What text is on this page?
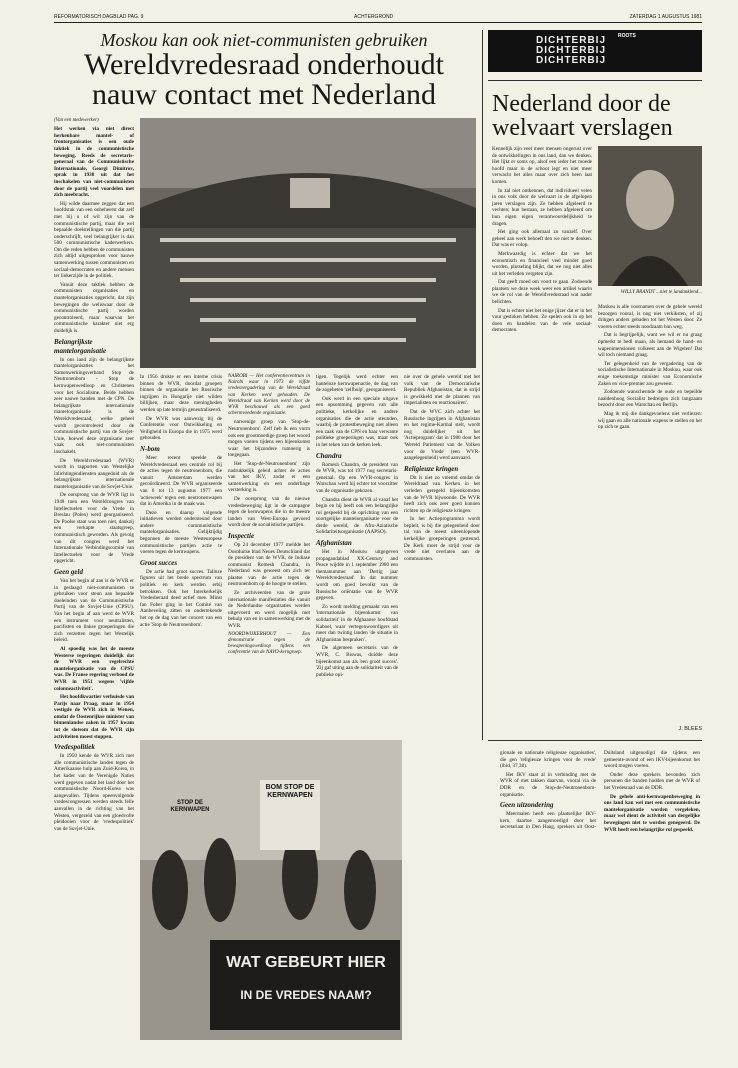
REFORMATORISCH DAGBLAD PAG. 9	ACHTERGROND	ZATERDAG 1 AUGUSTUS 1981
Moskou kan ook niet-communisten gebruiken
Wereldvredesraad onderhoudt nauw contact met Nederland

(Van een medewerker)

Het werken via niet direct herkenbare mantel- of frontorganisaties is een oude taktiek in de communistische beweging. Reeds de secretaris-generaal van de Communistische Internationale, Georgi Dimitrov, sprak in 1938 uit dat het inschakelen van niet-communisten door de partij veel voordelen met zich meebracht.

Hij wilde daarmee zeggen dat een hoofdstuk van een onbeheerst dat zelf met bij u of wil zijn van de communistische partij, maar die wel bepaalde doelstellingen van die partij onderschrijft, veel belangrijker is dan 500 communistische kaderwerkers. Om die reden hebben de communisten zich altijd uitgesproken voor nauwe samenwerking tussen communisten en sociaal-democraten en andere mensen ter linkerzijde in de politiek.

Vanuit deze taktiek hebben de communisten organisaties en mantelorganisaties opgericht, dat zijn bewegingen die weliswaar door de communistische partij worden gecontroleerd, maar waarvan het communistische karakter niet erg duidelijk is.

Belangrijkste mantelorganisatie

In ons land zijn de belangrijkste mantelorganisaties het Samenwerkingsverband Stop de Neutronenbom - Stop de kernwapenwedloop en Christenen voor het Socialisme. Beide hebben zeer nauwe banden met de CPN. De belangrijkste internationale mantelorganisatie is de Wereldvredesraad, welke geheel wordt gecontroleerd door de communistische partij van de Sovjet-Unie, hoewel deze organisatie zeer vaak ook niet-communisten inschakelt.

De Wereldvredesraad (WVR) wordt in rapporten van Westelijke inlichtingendiensten aangeduid als de belangrijkste internationale mantelorganisatie van de Sovjet-Unie.

De oorsprong van de WVR ligt in 1948 toen een Wereldcongres van Intellectuelen voor de Vrede in Breslau (Polen) werd georganiseerd. De Poolse staat was toen niet, dankzij een verkapte staatsgreep, communistisch geworden. Als gevolg van dit congres werd het Internationale Verbindingscomité van Intellectuelen voor de Vrede opgericht.

Geen geld

Van het begin af aan is de WVR er in geslaagd niet-communisten te gebruiken voor steun aan bepaalde doeleinden van de Communistische Partij van de Sovjet-Unie (CPSU). Van het begin af aan werd de WVR een instrument voor neutralisten, pacifisten en linkse groeperingen die zich verzetten tegen het Westelijk beleid.

Al spoedig was het de meeste Westerse regeringen duidelijk dat de WVR een regelrechte mantelorganisatie van de CPSU was. De Franse regering verbood de WVR in 1951 wegens 'vijfde colonneactiviteit'.

Het hoofdkwartier verhuisde van Parijs naar Praag, maar in 1954 vestigde de WVR zich in Wenen, omdat de Oostenrijkse minister van binnenlandse zaken in 1957 kwam tot de slotsom dat de WVR zijn activiteiten moest stoppen.

Vredespolitiek

In 1950 kende de WVR zich met alle communistische landen tegen de Amerikaanse hulp aan Zuid-Korea, in het kader van de Verenigde Naties werd gegeven nadat het land door het communistische Noord-Korea was aangevallen. Tijdens opeenvolgende vredescongressen werden steeds felle aanvallen in de richting van het Westen, vergezeld van een gloedvolle pleidooien voor de 'vredespolitiek' van de Sovjet-Unie.

In 1956 drukte er een interne crisis binnen de WVR, doordat groepen binnen de organisatie het Russische ingrijpen in Hongarije niet wilden billijken, maar deze meningheden werden op late termijn geneutraliseerd.

De WVR was aanwezig bij de Conferentie voor Ontwikkeling en Veiligheid in Europa die in 1975 werd gehouden.

N-bom

Meer recent speelde de Wereldvredesraad een centrale rol bij de acties tegen de neutronenbom, die vanuit Amsterdam werden gecoördineerd. De WVR organiseerde van 6 tot 13 augustus 1977 een 'actieweek' tegen een neutronenwapen dat in Amerika in de maak was.

Deze en daarop volgende initiatieven werden ondersteund door andere communistische mantelorganisaties. Gelijktijdig begonnen de meeste Westeuropese communistische partijen actie te voeren tegen de kernwapens.

Groot succes

De actie had groot succes. Talloze figuren uit het brede spectrum van politiek en kerk werden erbij betrokken. Ook het Interkerkelijk Vredesberaad deed actief mee. Minst fan Fober ging in het Comité van Aanbeveling zitten en ondertekende het op de dag van het concert van een actie 'Stop de Neutronenbom'.

NAIROBI — Het conferentiecentrum in Nairobi waar in 1973 de vijfde vredesvergadering van de Wereldraad van Kerken werd gehouden. De Wereldraad van Kerken werd door de WVR beschouwd als een goed schermvoedende organisatie.

narwenige groep van 'Stop-de-Neutronenbom'. Zelf heb ik een vorm ook een grootmoedige groep het woord mogen voeren tijdens een bijeenkomst waar het bijzondere rumoerig is toegegaan.

Het 'Stop-de-Neutronenbom' zijn nadrukkelijk geleid achter de acties van het IKV, zodat er een samenwerking en een onderlinge versterking is.

De oorsprong van de nieuwe vredesbeweging ligt in de campagne tegen de kernwapens die in de meeste landen van West-Europa gevoerd wordt door de socialistische partijen.

Inspectie

Op 24 december 1977 meldde het Oostduitse blad Neues Deutschland dat de president van de WVR, de Indiase communist Romesh Chandra, in Nederland was geweest om zich ter plaatse van de actie tegen de neutronenbom op de hoogte te stellen.

Ze archiveerden van de grote internationale manifestaties die vanuit de Nederlandse organisaties werden uitgevoerd en werd mogelijk met behulp van en in samenwerking met de WVR.

NOORDWIJKERHOUT — Een demonstratie tegen de bewapeningswedloop tijdens een conferentie van de NAVO-kerngroep.

tigen. Tegelijk werd echter een hanteloze kernwapenactie, de dag van de zogeheten 'zelfhulp', georganiseerd.

Ook werd in een speciale uitgave een opsomming gegeven van alle politieke, kerkelijke en andere organisaties die de actie steunden, waarbij de protestbeweging niet alleen een zaak van de CPN en haar verwante politieke groeperingen was, maar ook in het teken van de kerken leek.

Chandra

Romesh Chandra, de president van de WVR, was tot 1977 nog secretaris-generaal. Op een WVR-congres in Warschau werd hij echter tot voorzitter van de organisatie gekozen.

Chandra dient de WVR al vanaf het begin en hij heeft ook een belangrijke rol gespeeld bij de oprichting van een soortgelijke mantelorganisatie voor de derde wereld, de Afro-Aziatische Solidariteitsorganisatie (AAPSO).

Afghanistan

Het in Moskou uitgegeven propagandablad XX-Century and Peace wijdde in 1 september 1980 een themanummer aan 'Dertig jaar Wereldvredesraad'. In dat nummer wordt om goed bevolkt van de Russische oriëntatie van de WVR gegeven.

Zo wordt melding gemaakt van een 'internationale bijeenkomst van solidariteit' in de Afghaanse hoofdstad Kaboel, waar vertegenwoordigers uit meer dan twintig landen 'de situatie in Afghanistan bespraken'.

De algemeen secretaris van de WVR, C. Biswas, duidde deze bijeenkomst aan als 'een groot succes'. 'Zij gaf uiting aan de solidariteit van de publieke opi-

nie over de gehele wereld met het volk van de Democratische Republiek Afghanistan, dat in strijd is gewikkeld met de plannen van imperialisten en reactionairen'.

Dat de WVC zich achter het Russische ingrijpen in Afghanistan en het regime-Karmal stelt, wordt nog duidelijker uit het 'Actieprogram' dat in 1980 door het 'Wereld Parlement van de Volken voor de Vrede' (een WVR-aangelegenheid) werd aanvaard.

Religieuze kringen

Dit is niet zo vreemd omdat de Wereldraad van Kerken in het verleden geregeld bijeenkomsten van de WVR bijwoonde. De WVR heeft zich ook zeer goed kunnen richten op de religieuze kringen.

In het Actieprogramma wordt bepleit, is bij die gelegenheid door tal van de meest uiteenlopende kerkelijke groeperingen gesteund. De Kerk moet de strijd voor de vrede niet overlaten aan de communisten.

BOM STOP DE KERNWAPEN
STOP DE KERNWAPEN
WAT GEBEURT HIER
IN DE VREDES NAAM?

gionale en nationale religieuze organisaties', die gen 'religieuze kringen voor de vrede' (ibid, 37,38).

Het IKV staat al in verbinding met de WVR of met takken daarvan, vooral via de DDR en de Stop-de-Neutronenbom-organisatie.

Geen uitzondering

Meermalen heeft een plaatselijke IKV-kern, daartoe aangemoedigd door het secretariaat in Den Haag, sprekers uit Oost-Duitsland uitgenodigd die tijdens een gemeente-avond of een IKV-bijeenkomst het woord mogen voeren.

Onder deze sprekers bevonden zich personen die banden hadden met de WVR of het Vredesraad van de DDR.

De gehele anti-kernwapenbeweging in ons land kan wel met een communistische mantelorganisatie worden vergeleken, maar wel dient de activiteit van dergelijke bewegingen niet te worden genegeerd. De WVR heeft een belangrijke rol gespeeld.

DICHTERBIJ
DICHTERBIJ
DICHTERBIJ
ROOTS
Nederland door de welvaart verslagen

Kennelijk zijn veel meer mensen ongerust over de ontwikkelingen in ons land, dan we denken. Het lijkt er soms op, alsof een ieder het moede hoofd maar in de schoot legt en niet meer verwacht het alles maar over zich heen laat komen.

In zal niet ontkennen, dat individueel velen in ons volk door de welvaart in de afgelopen jaren verslagen zijn. Ze hebben afgeleerd te vechten; hun bestaan, ze hebben afgeleerd om hun eigen eigen verantwoordelijkheid te dragen.

Het ging ook allemaal zo vanzelf. Over geheel aan werk behoeft den we niet te denken. Dat was er volop.

Merkwaardig is echter dat we het economisch en financieel veel minder goed worden, plotseling blijkt, dat we nog niet alles uit het verleden vergeten zijn.

Dat geeft moed om voort te gaan. Zodoende plaatsen we deze week weer een artikel waarin we de rol van de Wereldvredesraad wat nader belichten.

Dat is echter niet het enige jijzer dat er in het vuur gestoken hebben. Ze spelen ook in op het doen en handelen van de vele sociaal-democraten.

WILLY BRANDT ...niet te landanklend...

Moskou is alle voornamen over de gehele wereld bezorgen vooral, is nog niet verkiksten, of zij dringen anders gebaden tot het Westen door. Ze voeren echter steeds noodzaam hun weg.

Dat is begrijpelijk, want we wil er nu graag opmerkt te bedl maan, als hemand de hand- en wapenimensionen volkeest aan de Wigelen! Dat wil toch niemand graag.

Ter gelegenheid van de vergadering van de socialistische Internationale in Moskou, waar ook enige toekomstige minister van Economische Zaken en vice-premier zou geweest.

Zodoende wanschennde de oude en bepeilde naaldenhoog Socialist bedreigen zich langzaam bezocht door een Warschau en Berlijn.

Mag ik mij die dankgevoelens niet verliezen: wij gaan en alle nationale wapens te stellen en het op zich te gaan.

J. BLEES
